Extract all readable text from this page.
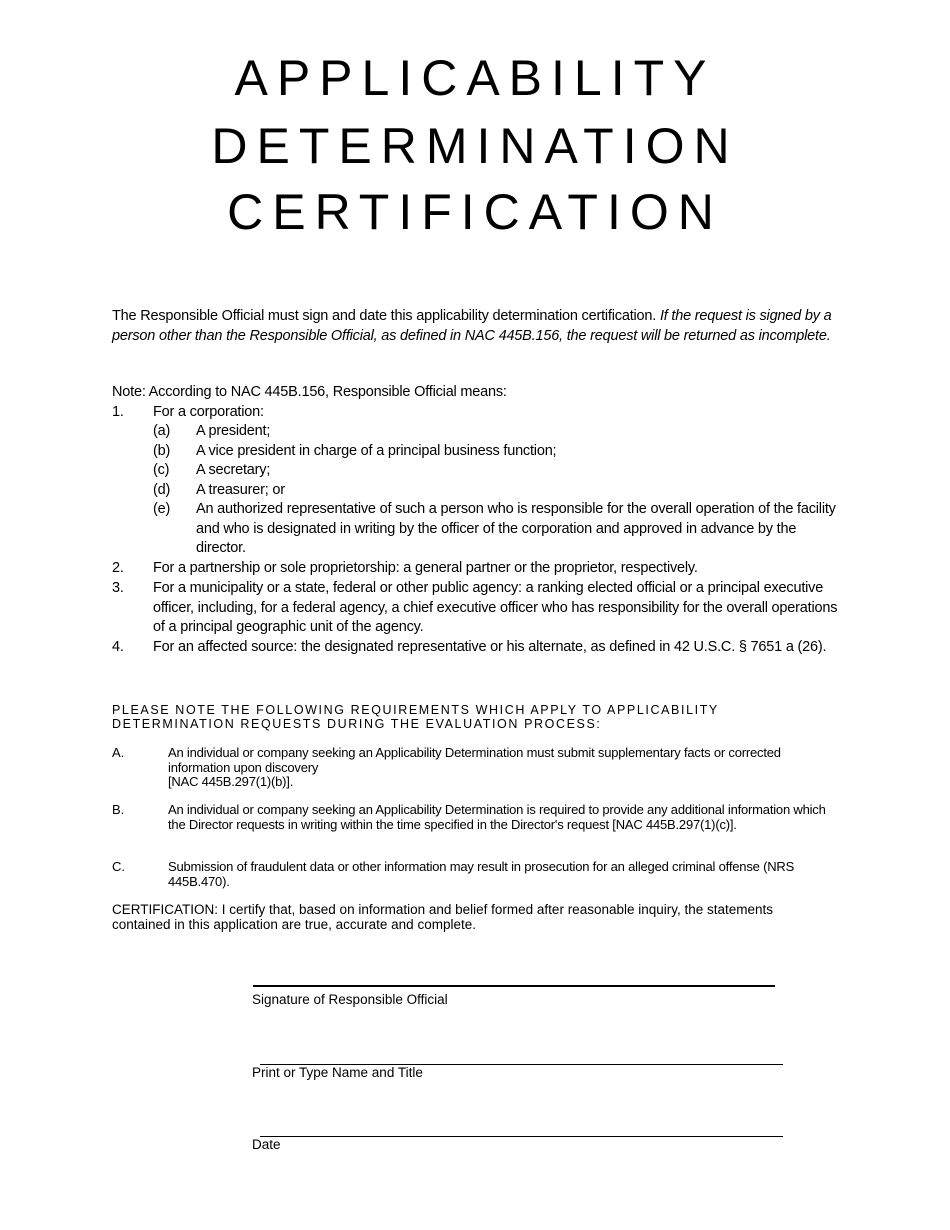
APPLICABILITY
DETERMINATION
CERTIFICATION
The Responsible Official must sign and date this applicability determination certification. If the request is signed by a person other than the Responsible Official, as defined in NAC 445B.156, the request will be returned as incomplete.
Note: According to NAC 445B.156, Responsible Official means:
1. For a corporation:
(a) A president;
(b) A vice president in charge of a principal business function;
(c) A secretary;
(d) A treasurer; or
(e) An authorized representative of such a person who is responsible for the overall operation of the facility and who is designated in writing by the officer of the corporation and approved in advance by the director.
2. For a partnership or sole proprietorship: a general partner or the proprietor, respectively.
3. For a municipality or a state, federal or other public agency: a ranking elected official or a principal executive officer, including, for a federal agency, a chief executive officer who has responsibility for the overall operations of a principal geographic unit of the agency.
4. For an affected source: the designated representative or his alternate, as defined in 42 U.S.C. § 7651 a (26).
PLEASE NOTE THE FOLLOWING REQUIREMENTS WHICH APPLY TO APPLICABILITY DETERMINATION REQUESTS DURING THE EVALUATION PROCESS:
A.	An individual or company seeking an Applicability Determination must submit supplementary facts or corrected information upon discovery
[NAC 445B.297(1)(b)].
B.	An individual or company seeking an Applicability Determination is required to provide any additional information which the Director requests in writing within the time specified in the Director's request [NAC 445B.297(1)(c)].
C.	Submission of fraudulent data or other information may result in prosecution for an alleged criminal offense (NRS 445B.470).
CERTIFICATION: I certify that, based on information and belief formed after reasonable inquiry, the statements contained in this application are true, accurate and complete.
Signature of Responsible Official
Print or Type Name and Title
Date
